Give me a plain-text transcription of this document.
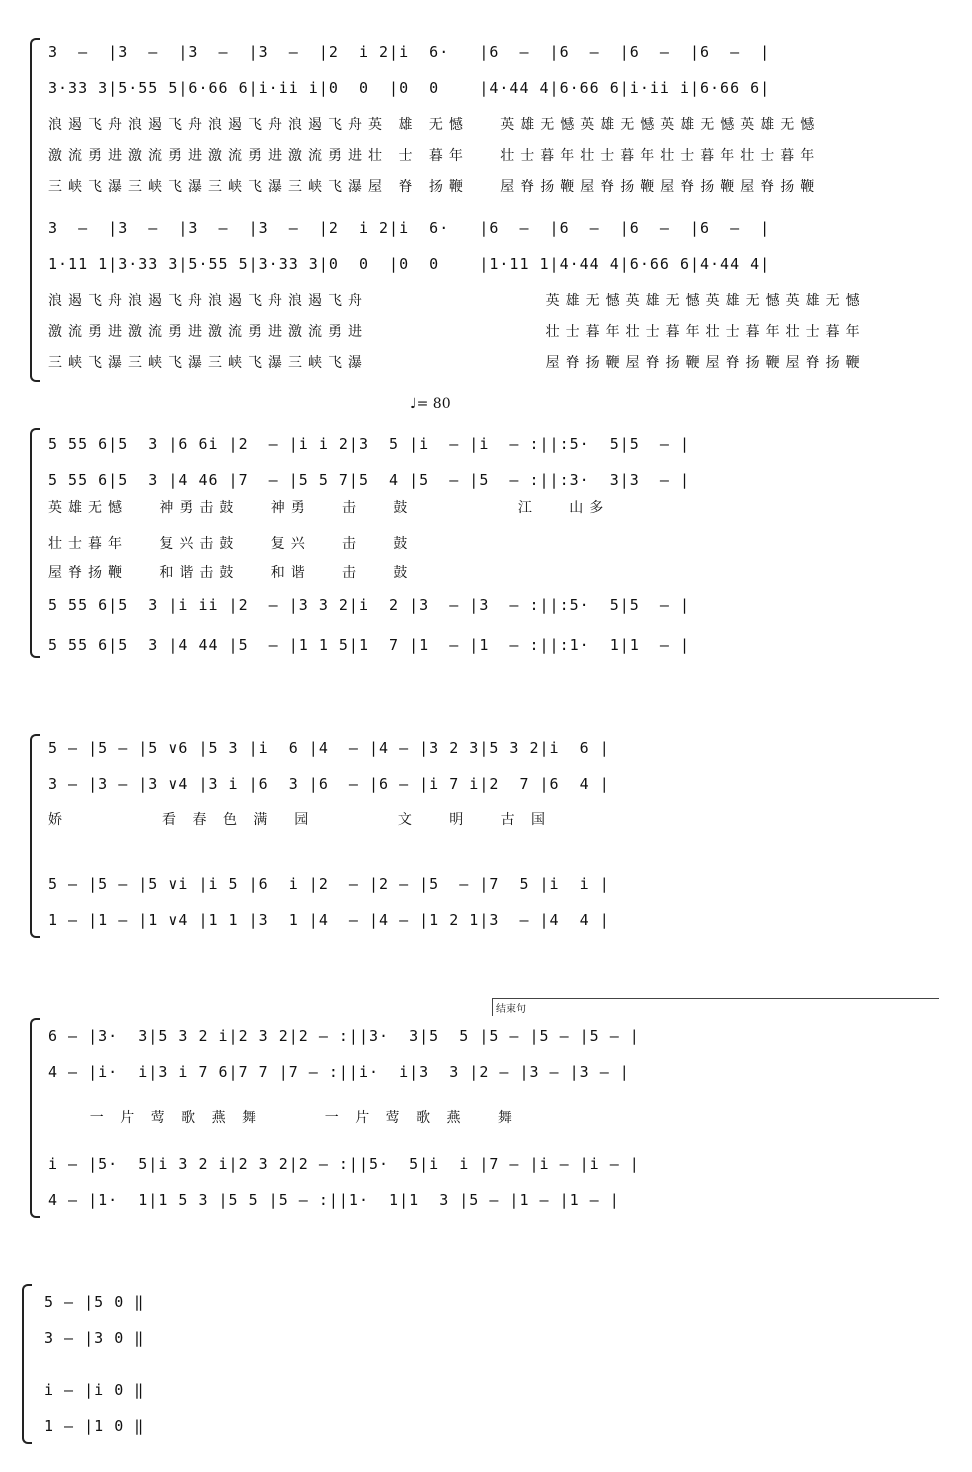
3  —  |3  —  |3  —  |3  —  |2  i 2|i  6·   |6  —  |6  —  |6  —  |6  —  |
3·33 3|5·55 5|6·66 6|i·ii i|0  0  |0  0    |4·44 4|6·66 6|i·ii i|6·66 6|
浪遏飞舟浪遏飞舟浪遏飞舟浪遏飞舟英 雄 无憾   英雄无憾英雄无憾英雄无憾英雄无憾
激流勇进激流勇进激流勇进激流勇进壮 士 暮年   壮士暮年壮士暮年壮士暮年壮士暮年
三峡飞瀑三峡飞瀑三峡飞瀑三峡飞瀑屋 脊 扬鞭   屋脊扬鞭屋脊扬鞭屋脊扬鞭屋脊扬鞭
3  —  |3  —  |3  —  |3  —  |2  i 2|i  6·   |6  —  |6  —  |6  —  |6  —  |
1·11 1|3·33 3|5·55 5|3·33 3|0  0  |0  0    |1·11 1|4·44 4|6·66 6|4·44 4|
浪遏飞舟浪遏飞舟浪遏飞舟浪遏飞舟                 英雄无憾英雄无憾英雄无憾英雄无憾
激流勇进激流勇进激流勇进激流勇进                 壮士暮年壮士暮年壮士暮年壮士暮年
三峡飞瀑三峡飞瀑三峡飞瀑三峡飞瀑                 屋脊扬鞭屋脊扬鞭屋脊扬鞭屋脊扬鞭
♩= 80
5 55 6|5  3 |6 6i |2  — |i i 2|3  5 |i  — |i  — :||:5·  5|5  — |
5 55 6|5  3 |4 46 |7  — |5 5 7|5  4 |5  — |5  — :||:3·  3|3  — |
英雄无憾   神勇击鼓   神勇   击   鼓          江   山多
壮士暮年   复兴击鼓   复兴   击   鼓
屋脊扬鞭   和谐击鼓   和谐   击   鼓
5 55 6|5  3 |i ii |2  — |3 3 2|i  2 |3  — |3  — :||:5·  5|5  — |
5 55 6|5  3 |4 44 |5  — |1 1 5|1  7 |1  — |1  — :||:1·  1|1  — |
5 — |5 — |5 ∨6 |5 3 |i  6 |4  — |4 — |3 2 3|5 3 2|i  6 |
3 — |3 — |3 ∨4 |3 i |6  3 |6  — |6 — |i 7 i|2  7 |6  4 |
娇         看 春 色 满  园        文   明   古 国
5 — |5 — |5 ∨i |i 5 |6  i |2  — |2 — |5  — |7  5 |i  i |
1 — |1 — |1 ∨4 |1 1 |3  1 |4  — |4 — |1 2 1|3  — |4  4 |
结束句
6 — |3·  3|5 3 2 i|2 3 2|2 — :||3·  3|5  5 |5 — |5 — |5 — |
4 — |i·  i|3 i 7 6|7 7 |7 — :||i·  i|3  3 |2 — |3 — |3 — |
一 片 莺 歌 燕 舞      一 片 莺 歌 燕   舞
i — |5·  5|i 3 2 i|2 3 2|2 — :||5·  5|i  i |7 — |i — |i — |
4 — |1·  1|1 5 3 |5 5 |5 — :||1·  1|1  3 |5 — |1 — |1 — |
5 — |5 0 ‖
3 — |3 0 ‖
i — |i 0 ‖
1 — |1 0 ‖
